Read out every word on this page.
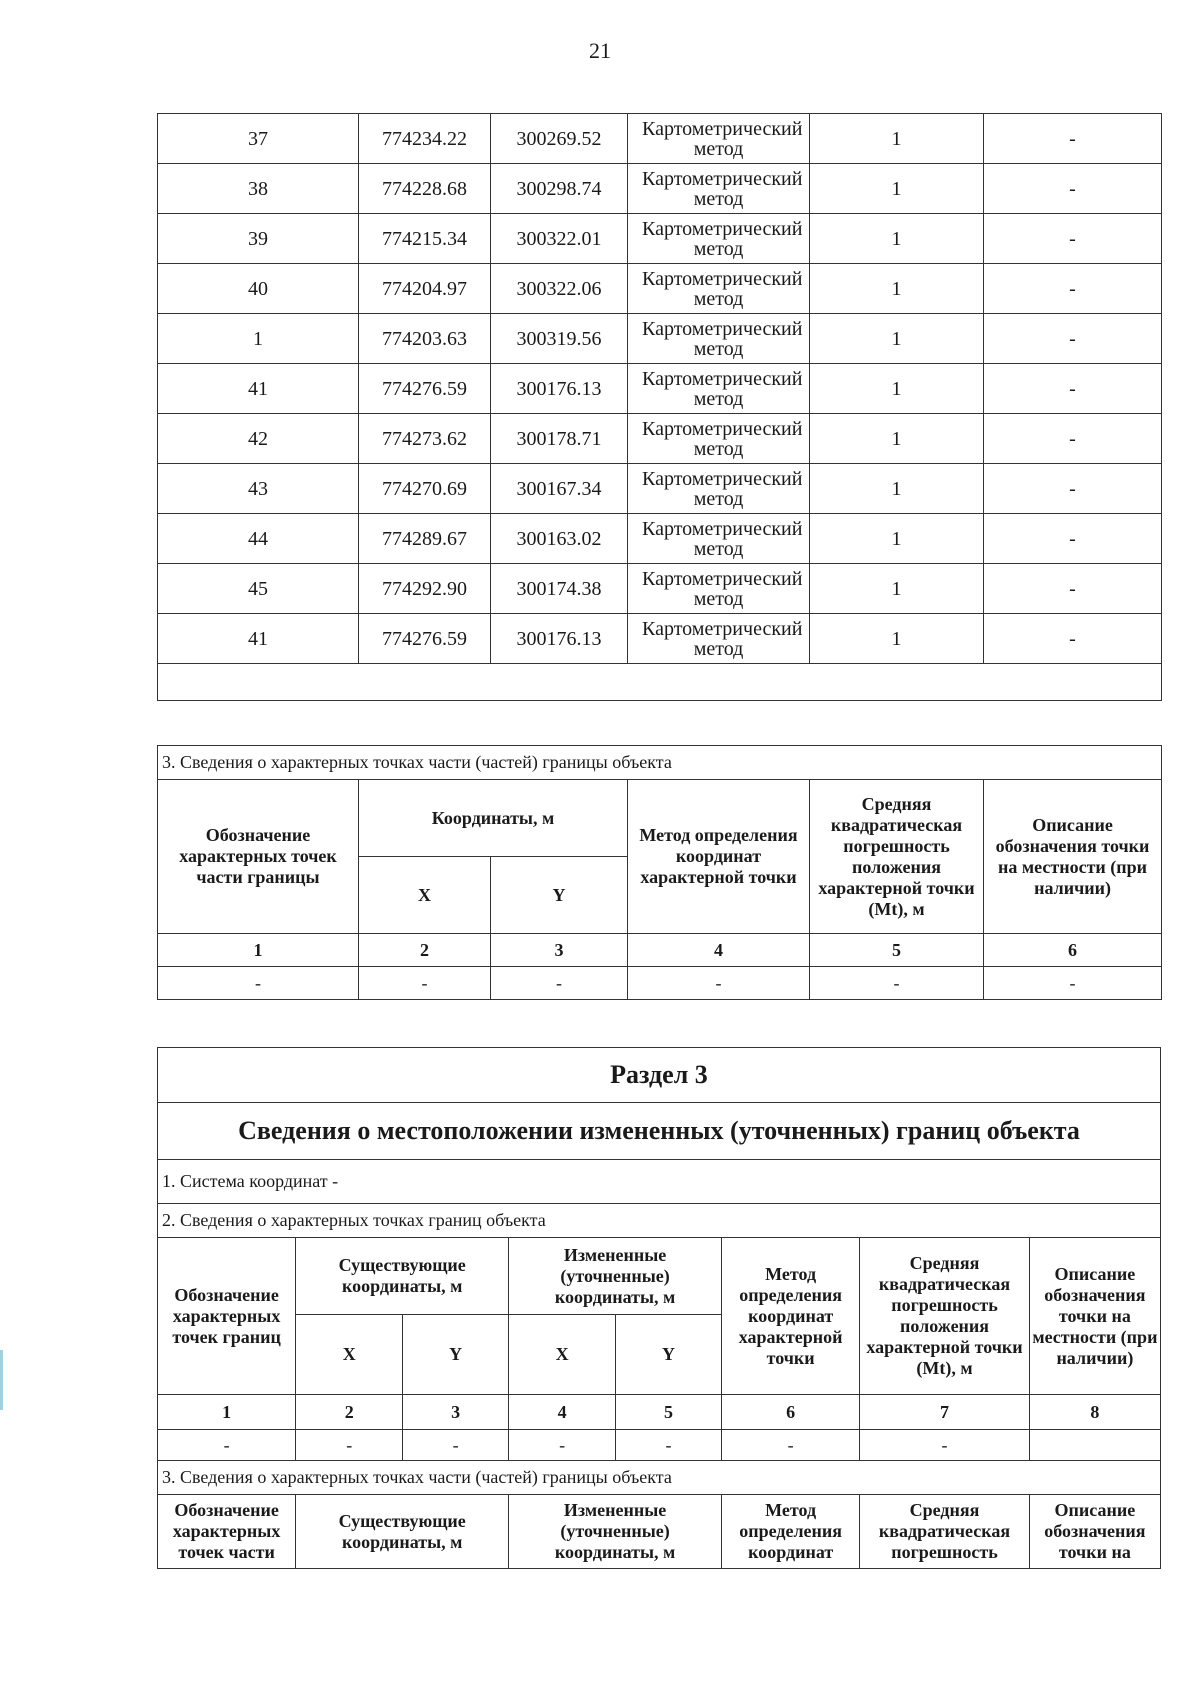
21
37	774234.22	300269.52	Картометрический метод	1	-
38	774228.68	300298.74	Картометрический метод	1	-
39	774215.34	300322.01	Картометрический метод	1	-
40	774204.97	300322.06	Картометрический метод	1	-
1	774203.63	300319.56	Картометрический метод	1	-
41	774276.59	300176.13	Картометрический метод	1	-
42	774273.62	300178.71	Картометрический метод	1	-
43	774270.69	300167.34	Картометрический метод	1	-
44	774289.67	300163.02	Картометрический метод	1	-
45	774292.90	300174.38	Картометрический метод	1	-
41	774276.59	300176.13	Картометрический метод	1	-

3. Сведения о характерных точках части (частей) границы объекта					
Обозначение характерных точек части границы	Координаты, м		Метод определения координат характерной точки	Средняя квадратическая погрешность положения характерной точки (Mt), м	Описание обозначения точки на местности (при наличии)
	X	Y			
1	2	3	4	5	6
-	-	-	-	-	-
Раздел 3							
Сведения о местоположении измененных (уточненных) границ объекта							
1. Система координат -							
2. Сведения о характерных точках границ объекта							
Обозначение характерных точек границ	Существующие координаты, м		Измененные (уточненные) координаты, м		Метод определения координат характерной точки	Средняя квадратическая погрешность положения характерной точки (Mt), м	Описание обозначения точки на местности (при наличии)
	X	Y	X	Y			
1	2	3	4	5	6	7	8
-	-	-	-	-	-	-	
3. Сведения о характерных точках части (частей) границы объекта							
Обозначение характерных точек части	Существующие координаты, м		Измененные (уточненные) координаты, м		Метод определения координат	Средняя квадратическая погрешность	Описание обозначения точки на
